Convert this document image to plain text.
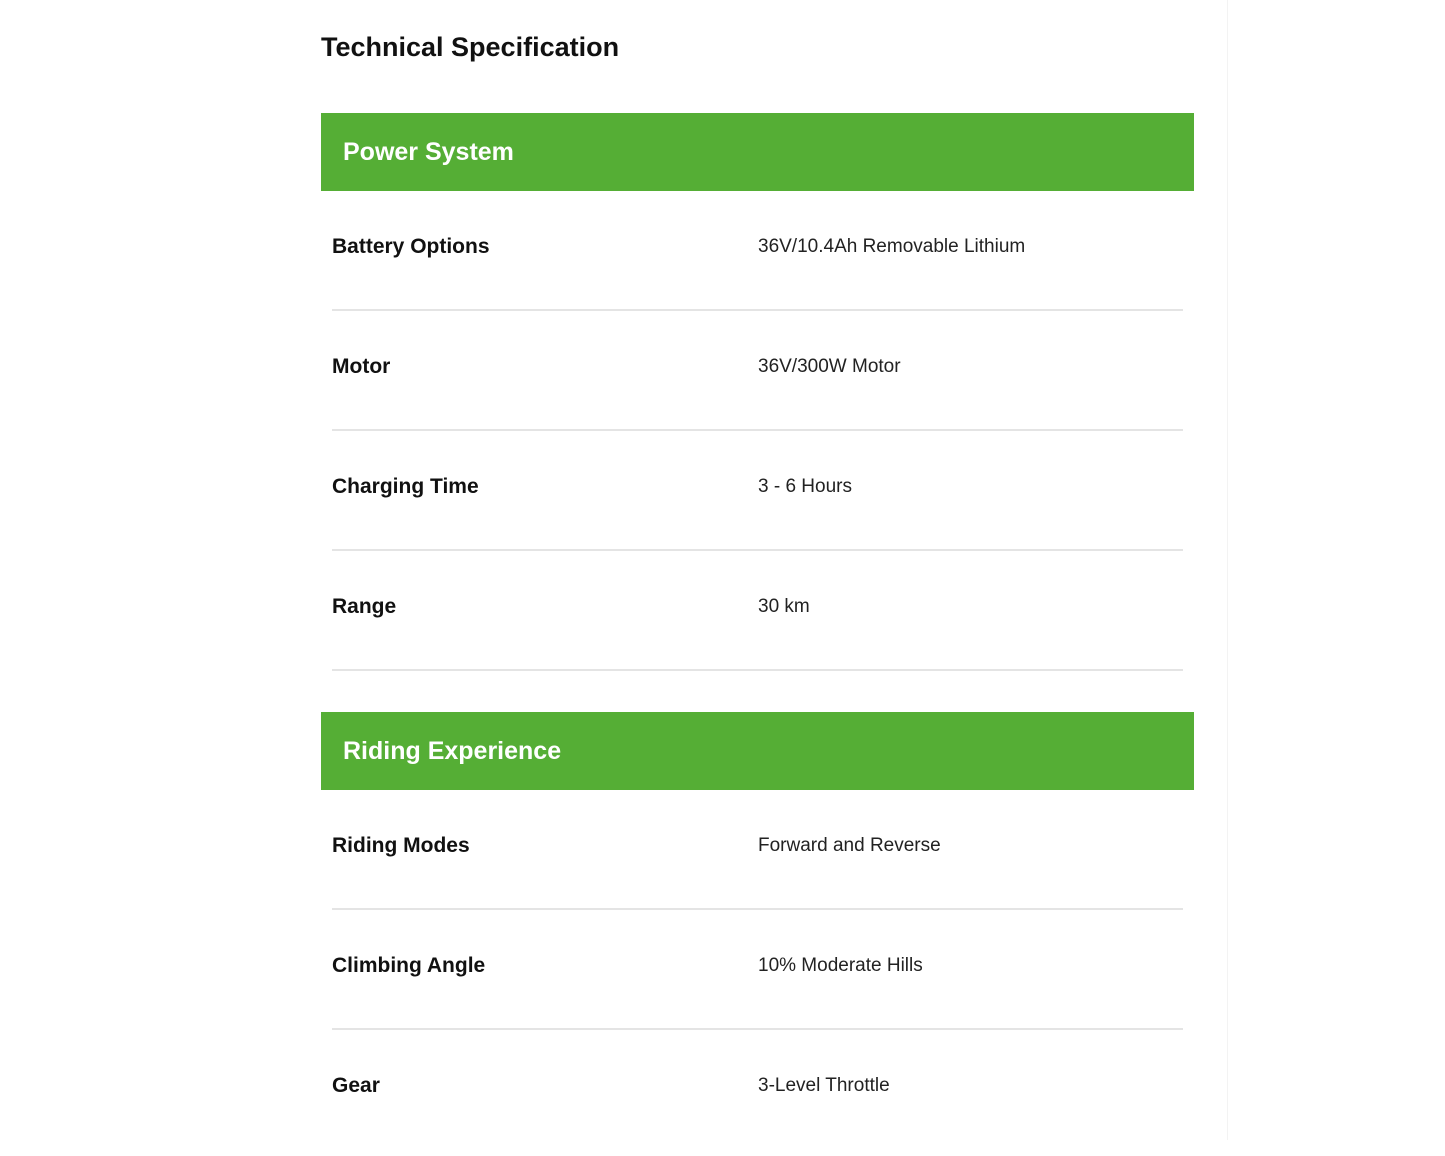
Technical Specification
Power System
Battery Options	36V/10.4Ah Removable Lithium
Motor	36V/300W Motor
Charging Time	3 - 6 Hours
Range	30 km
Riding Experience
Riding Modes	Forward and Reverse
Climbing Angle	10% Moderate Hills
Gear	3-Level Throttle
